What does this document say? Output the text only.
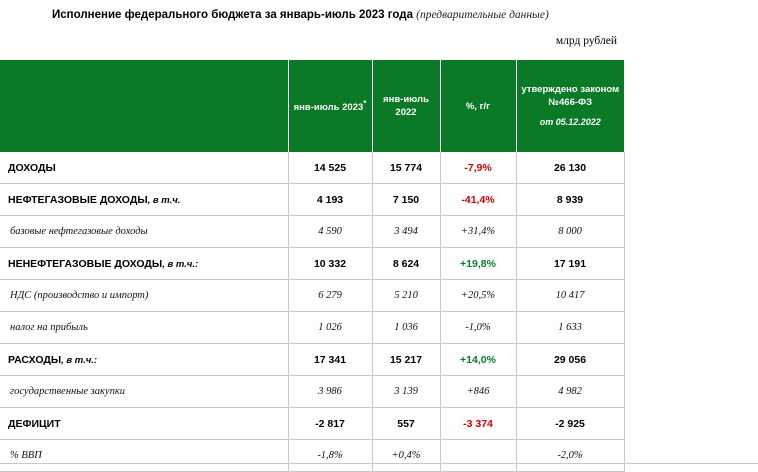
Исполнение федерального бюджета за январь-июль 2023 года (предварительные данные)
млрд рублей
	янв-июль 2023*	янв-июль 2022	%, г/г	утверждено законом №466-ФЗ
от 05.12.2022

ДОХОДЫ	14 525	15 774	-7,9%	26 130
НЕФТЕГАЗОВЫЕ ДОХОДЫ, в т.ч.	4 193	7 150	-41,4%	8 939
базовые нефтегазовые доходы	4 590	3 494	+31,4%	8 000
НЕНЕФТЕГАЗОВЫЕ ДОХОДЫ, в т.ч.:	10 332	8 624	+19,8%	17 191
НДС (производство и импорт)	6 279	5 210	+20,5%	10 417
налог на прибыль	1 026	1 036	-1,0%	1 633
РАСХОДЫ, в т.ч.:	17 341	15 217	+14,0%	29 056
государственные закупки	3 986	3 139	+846	4 982
ДЕФИЦИТ	-2 817	557	-3 374	-2 925
% ВВП	-1,8%	+0,4%		-2,0%
